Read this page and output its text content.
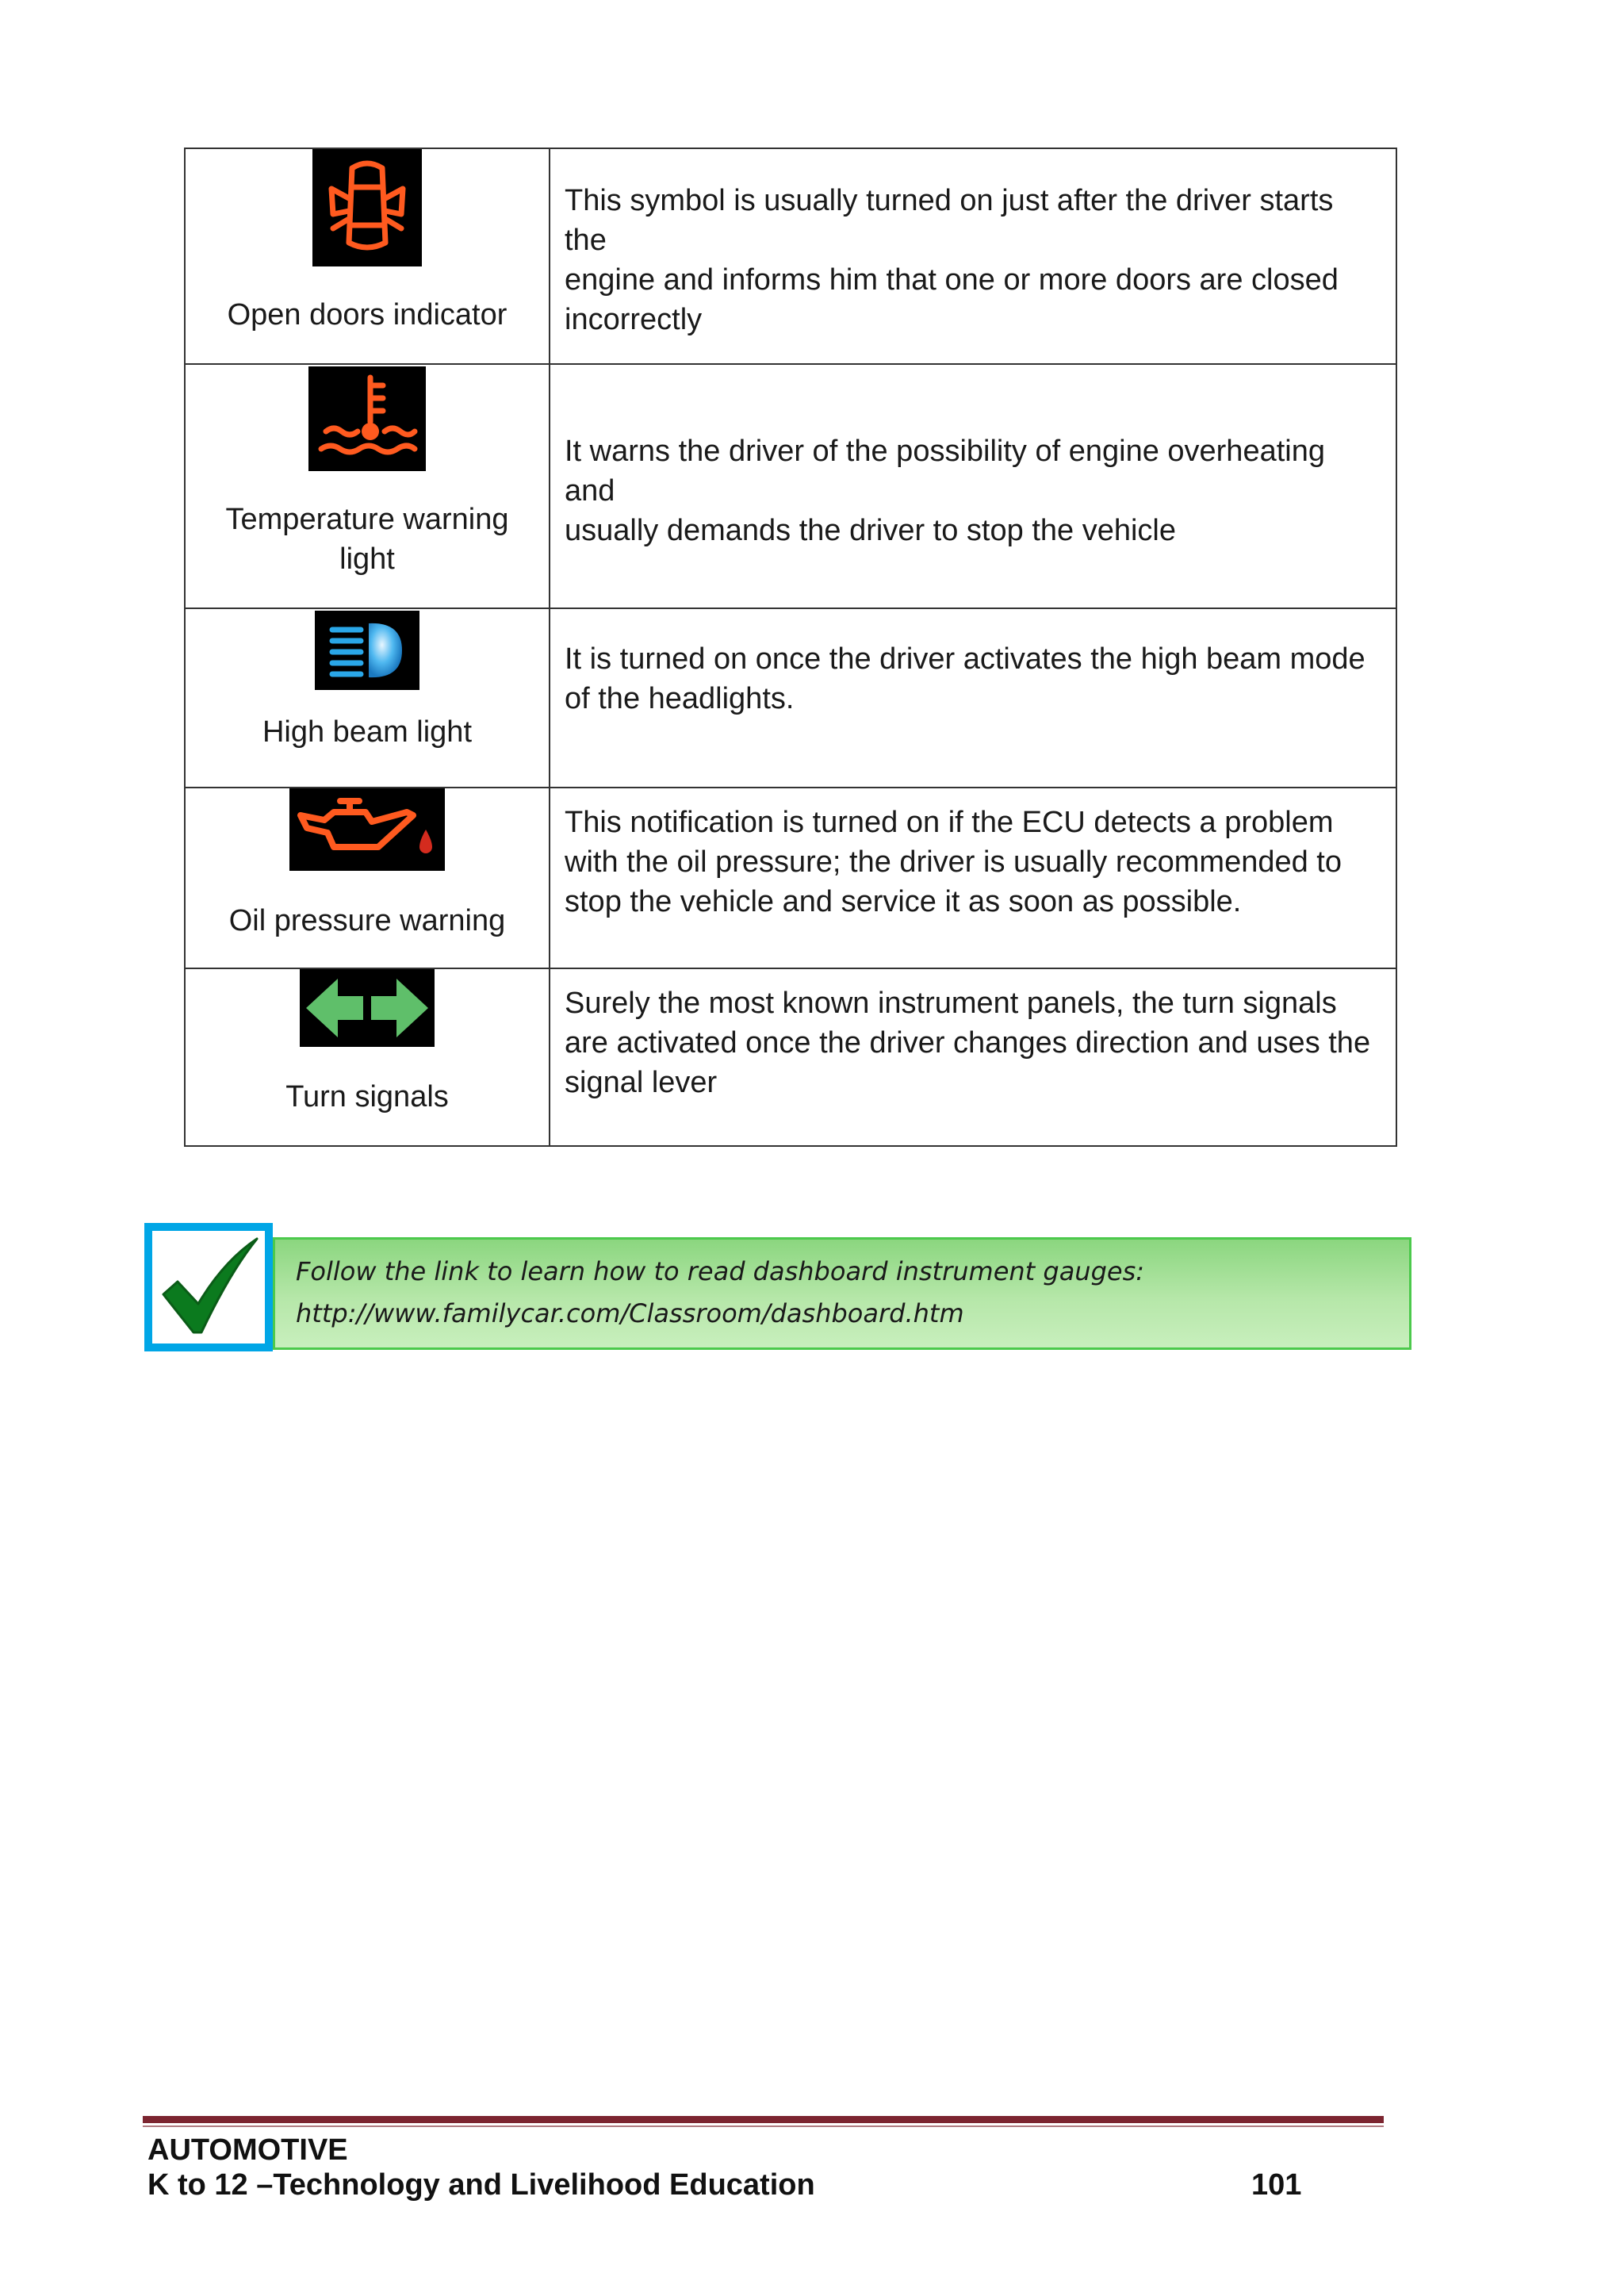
Open doors indicator	This symbol is usually turned on just after the driver starts the
engine and informs him that one or more doors are closed
incorrectly

Temperature warning
light	It warns the driver of the possibility of engine overheating and
usually demands the driver to stop the vehicle

High beam light	It is turned on once the driver activates the high beam mode
of the headlights.

Oil pressure warning	This notification is turned on if the ECU detects a problem
with the oil pressure; the driver is usually recommended to
stop the vehicle and service it as soon as possible.

Turn signals	Surely the most known instrument panels, the turn signals
are activated once the driver changes direction and uses the
signal lever
Follow the link to learn how to read dashboard instrument gauges:
http://www.familycar.com/Classroom/dashboard.htm
AUTOMOTIVE
K to 12 –Technology and Livelihood Education	101
